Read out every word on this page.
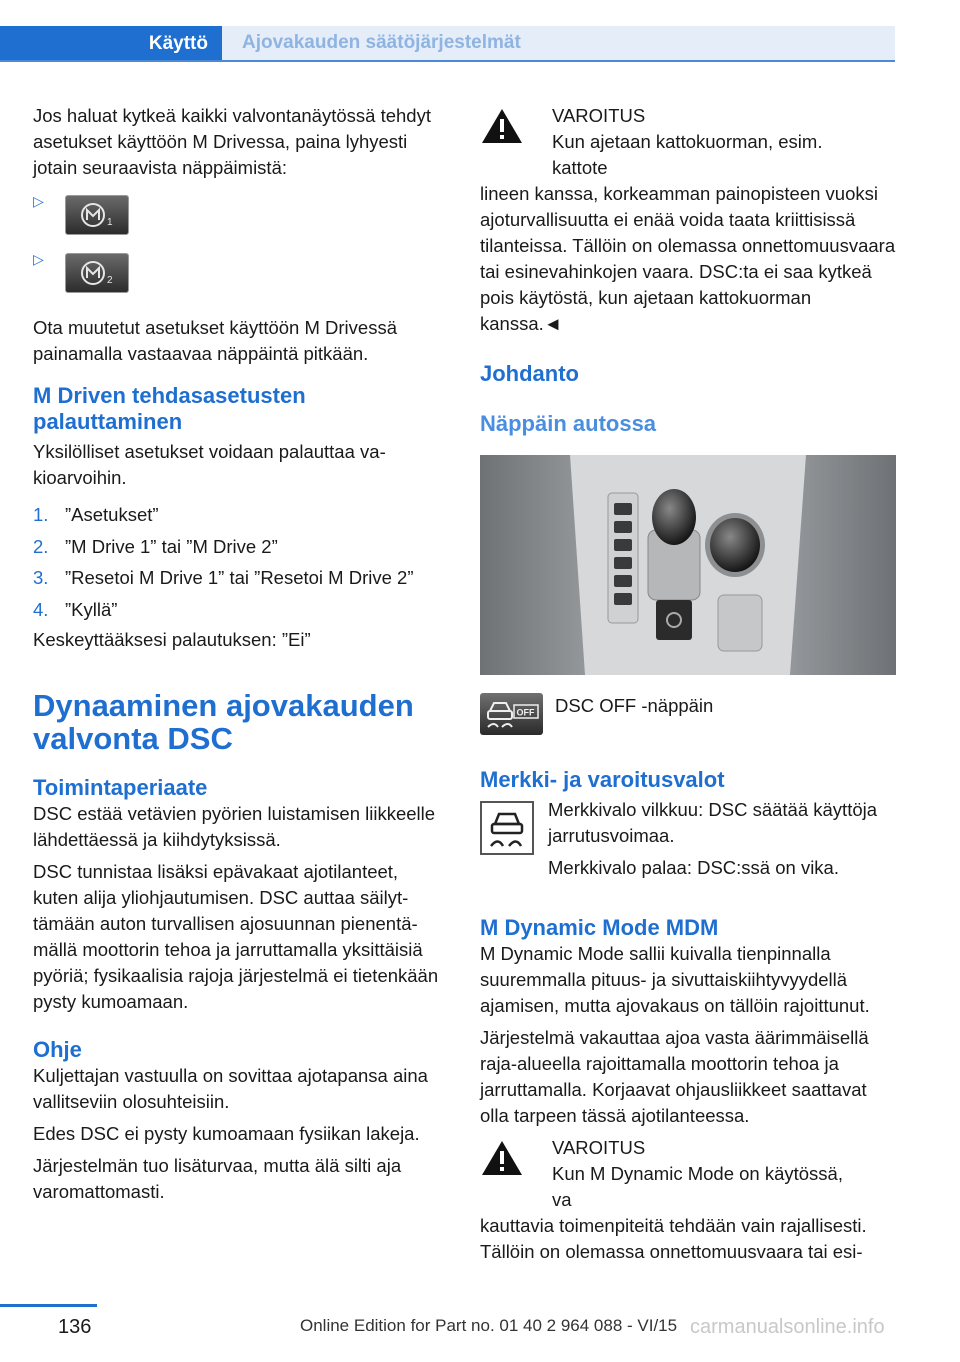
Käyttö Ajovakauden säätöjärjestelmät

Jos haluat kytkeä kaikki valvontanäytössä tehdyt asetukset käyttöön M Drivessa, paina lyhyesti jotain seuraavista näppäimistä:

▷
1
▷
2

Ota muutetut asetukset käyttöön M Drivessä painamalla vastaavaa näppäintä pitkään.

M Driven tehdasasetusten palauttaminen

Yksilölliset asetukset voidaan palauttaa vakioarvoihin.

1. ”Asetukset”
2. ”M Drive 1” tai ”M Drive 2”
3. ”Resetoi M Drive 1” tai ”Resetoi M Drive 2”
4. ”Kyllä”

Keskeyttääksesi palautuksen: ”Ei”

Dynaaminen ajovakauden valvonta DSC
Toimintaperiaate

DSC estää vetävien pyörien luistamisen liikkeelle lähdettäessä ja kiihdytyksissä.

DSC tunnistaa lisäksi epävakaat ajotilanteet, kuten alija yliohjautumisen. DSC auttaa säilyttämään auton turvallisen ajosuunnan pienentämällä moottorin tehoa ja jarruttamalla yksittäisiä pyöriä; fysikaalisia rajoja järjestelmä ei tietenkään pysty kumoamaan.

Ohje

Kuljettajan vastuulla on sovittaa ajotapansa aina vallitseviin olosuhteisiin.

Edes DSC ei pysty kumoamaan fysiikan lakeja.

Järjestelmän tuo lisäturvaa, mutta älä silti aja varomattomasti.

VAROITUS

Kun ajetaan kattokuorman, esim. kattote

lineen kanssa, korkeamman painopisteen vuoksi ajoturvallisuutta ei enää voida taata kriittisissä tilanteissa. Tällöin on olemassa onnettomuusvaara tai esinevahinkojen vaara. DSC:ta ei saa kytkeä pois käytöstä, kun ajetaan kattokuorman kanssa.◄

Johdanto
Näppäin autossa
OFF DSC OFF -näppäin

Merkki- ja varoitusvalot

Merkkivalo vilkkuu: DSC säätää käyttöja jarrutusvoimaa.

Merkkivalo palaa: DSC:ssä on vika.

M Dynamic Mode MDM

M Dynamic Mode sallii kuivalla tienpinnalla suuremmalla pituus- ja sivuttaiskiihtyvyydellä ajamisen, mutta ajovakaus on tällöin rajoittunut.

Järjestelmä vakauttaa ajoa vasta äärimmäisellä raja-alueella rajoittamalla moottorin tehoa ja jarruttamalla. Korjaavat ohjausliikkeet saattavat olla tarpeen tässä ajotilanteessa.

VAROITUS

Kun M Dynamic Mode on käytössä, va

kauttavia toimenpiteitä tehdään vain rajallisesti. Tällöin on olemassa onnettomuusvaara tai esi-

136	Online Edition for Part no. 01 40 2 964 088 - VI/15 carmanualsonline.info
